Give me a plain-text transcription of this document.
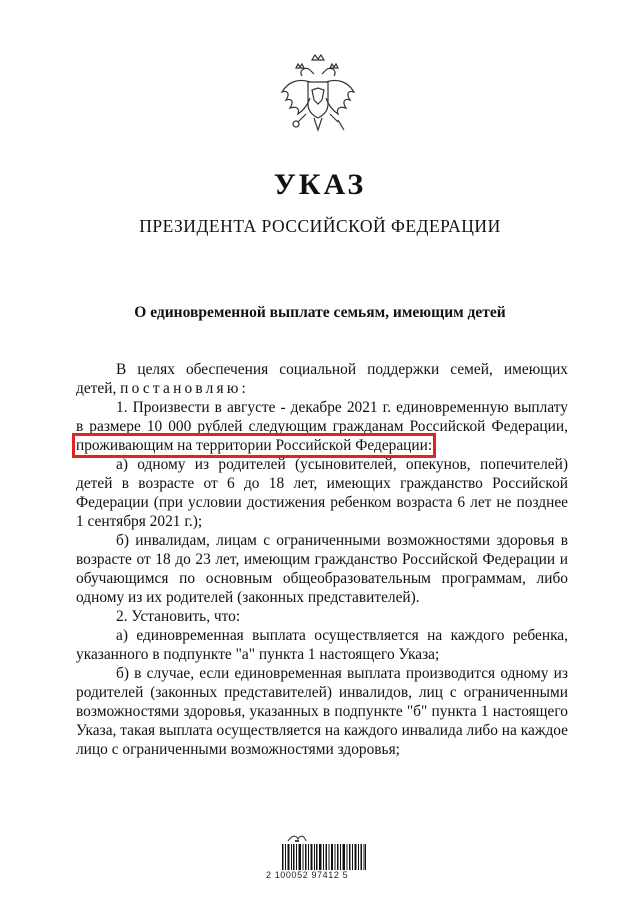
УКАЗ
ПРЕЗИДЕНТА РОССИЙСКОЙ ФЕДЕРАЦИИ
О единовременной выплате семьям, имеющим детей

В целях обеспечения социальной поддержки семей, имеющих детей, постановляю:

1. Произвести в августе - декабре 2021 г. единовременную выплату в размере 10 000 рублей следующим гражданам Российской Федерации, проживающим на территории Российской Федерации:

а) одному из родителей (усыновителей, опекунов, попечителей) детей в возрасте от 6 до 18 лет, имеющих гражданство Российской Федерации (при условии достижения ребенком возраста 6 лет не позднее 1 сентября 2021 г.);

б) инвалидам, лицам с ограниченными возможностями здоровья в возрасте от 18 до 23 лет, имеющим гражданство Российской Федерации и обучающимся по основным общеобразовательным программам, либо одному из их родителей (законных представителей).

2. Установить, что:

а) единовременная выплата осуществляется на каждого ребенка, указанного в подпункте "а" пункта 1 настоящего Указа;

б) в случае, если единовременная выплата производится одному из родителей (законных представителей) инвалидов, лиц с ограниченными возможностями здоровья, указанных в подпункте "б" пункта 1 настоящего Указа, такая выплата осуществляется на каждого инвалида либо на каждое лицо с ограниченными возможностями здоровья;

2 100052 97412 5
